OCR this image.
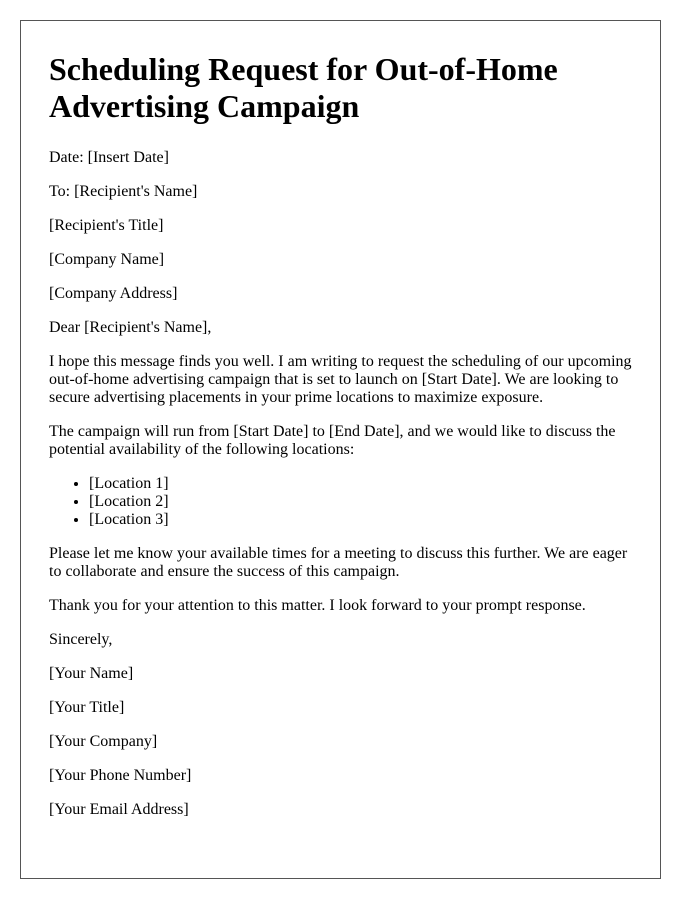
Scheduling Request for Out-of-Home Advertising Campaign

Date: [Insert Date]

To: [Recipient's Name]

[Recipient's Title]

[Company Name]

[Company Address]

Dear [Recipient's Name],

I hope this message finds you well. I am writing to request the scheduling of our upcoming out-of-home advertising campaign that is set to launch on [Start Date]. We are looking to secure advertising placements in your prime locations to maximize exposure.

The campaign will run from [Start Date] to [End Date], and we would like to discuss the potential availability of the following locations:

• [Location 1]
• [Location 2]
• [Location 3]

Please let me know your available times for a meeting to discuss this further. We are eager to collaborate and ensure the success of this campaign.

Thank you for your attention to this matter. I look forward to your prompt response.

Sincerely,

[Your Name]

[Your Title]

[Your Company]

[Your Phone Number]

[Your Email Address]
